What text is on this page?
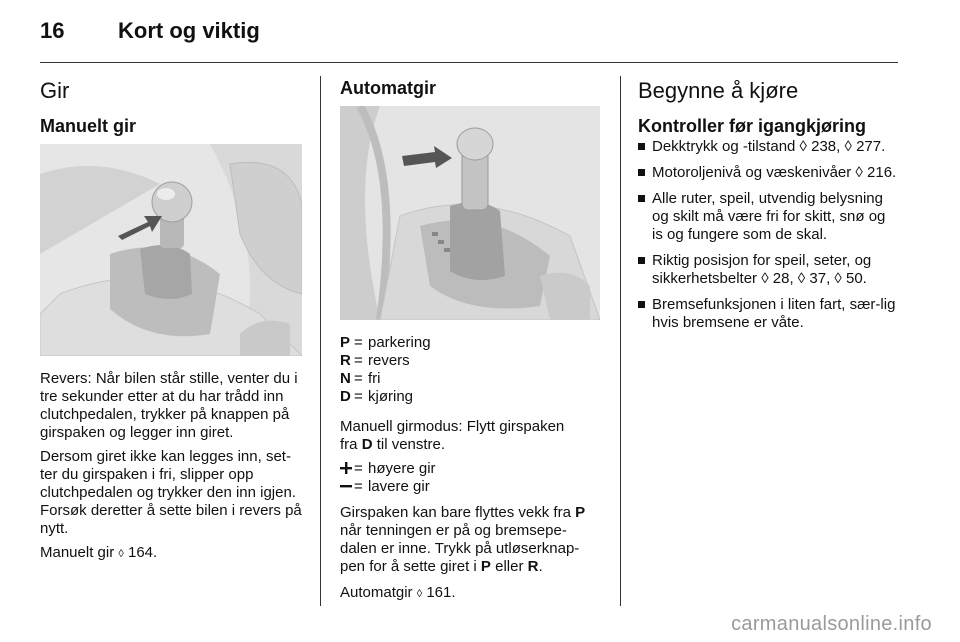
16 Kort og viktig
Gir
Manuelt gir

Revers: Når bilen står stille, venter du i tre sekunder etter at du har trådd inn clutchpedalen, trykker på knappen på girspaken og legger inn giret.

Dersom giret ikke kan legges inn, set-ter du girspaken i fri, slipper opp clutchpedalen og trykker den inn igjen. Forsøk deretter å sette bilen i revers på nytt.

Manuelt gir ◊ 164.

Automatgir
P = parkering
R = revers
N = fri
D = kjøring

Manuell girmodus: Flytt girspaken
fra D til venstre.

= høyere gir
= lavere gir

Girspaken kan bare flyttes vekk fra P
når tenningen er på og bremsepe-
dalen er inne. Trykk på utløserknap-
pen for å sette giret i P eller R.

Automatgir ◊ 161.

Begynne å kjøre
Kontroller før igangkjøring
Dekktrykk og -tilstand ◊ 238, ◊ 277.
Motoroljenivå og væskenivåer ◊ 216.
Alle ruter, speil, utvendig belysning og skilt må være fri for skitt, snø og is og fungere som de skal.
Riktig posisjon for speil, seter, og sikkerhetsbelter ◊ 28, ◊ 37, ◊ 50.
Bremsefunksjonen i liten fart, sær-lig hvis bremsene er våte.
carmanualsonline.info
